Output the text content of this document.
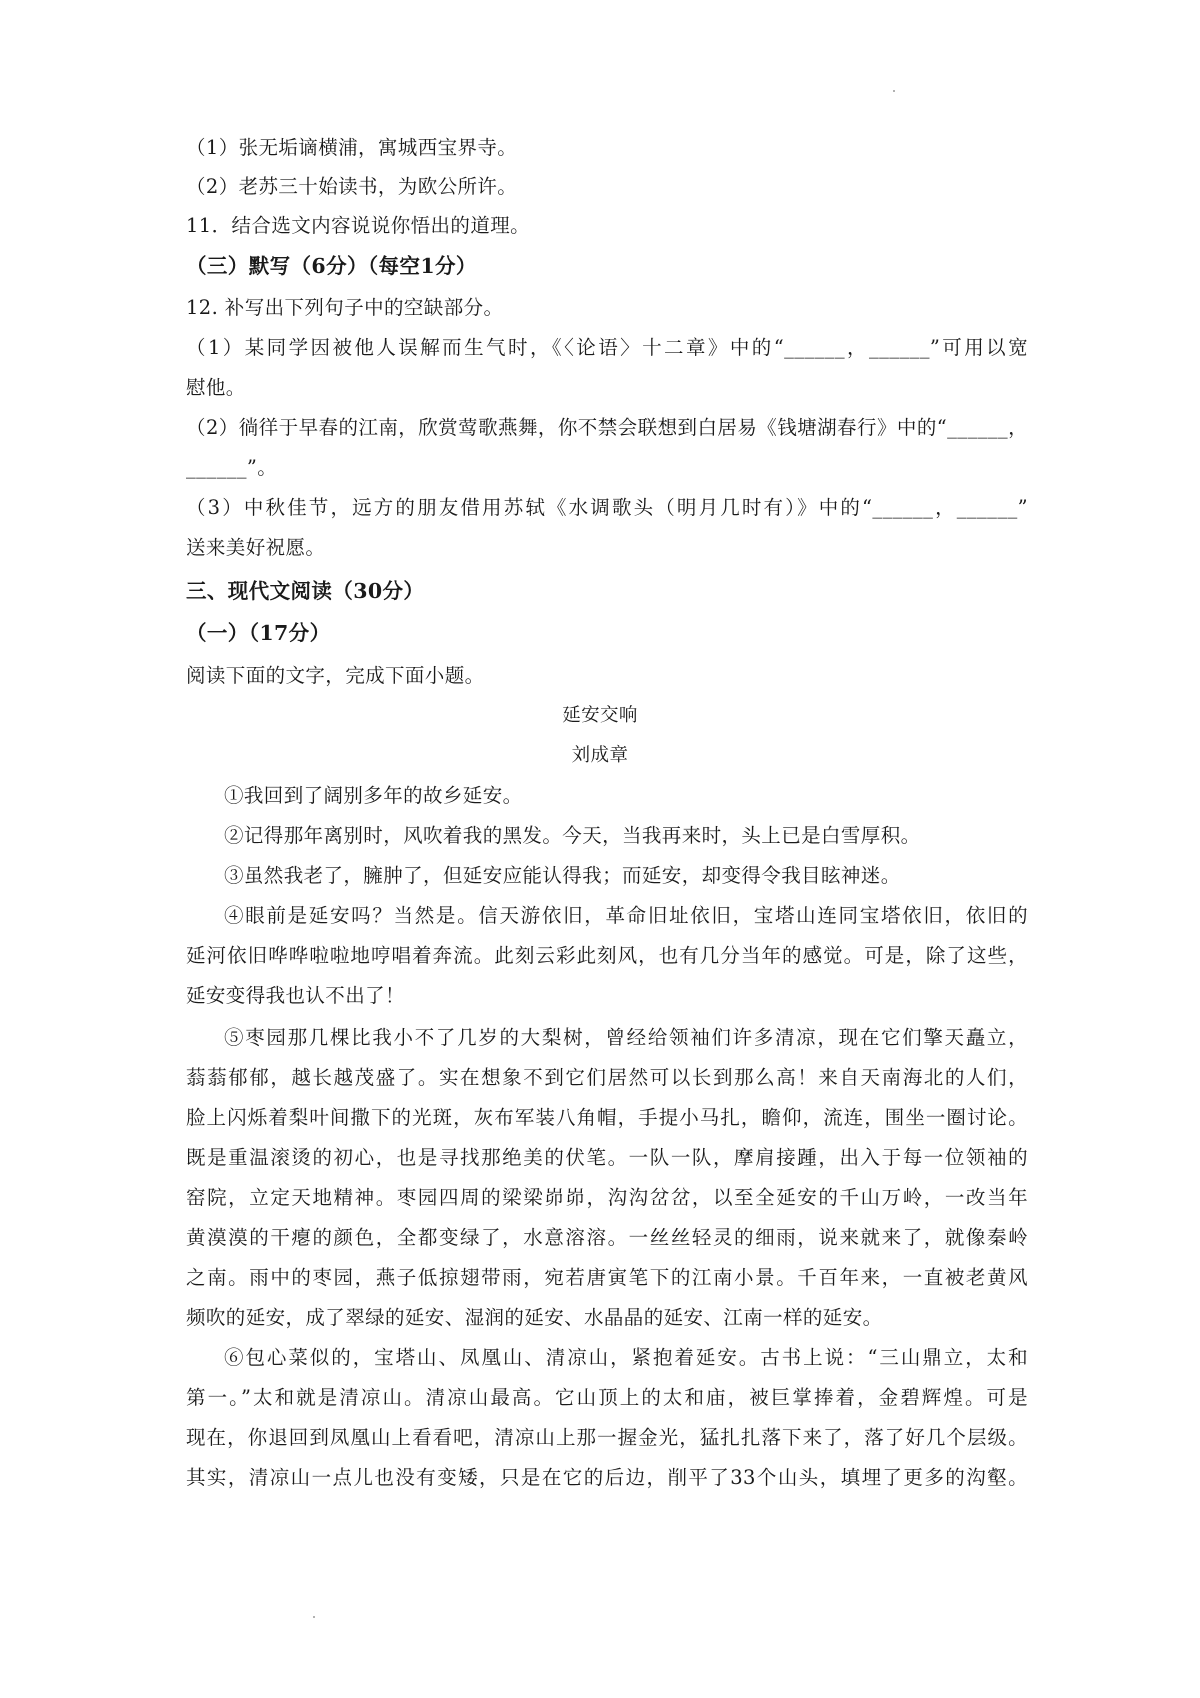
（1）张无垢谪横浦，寓城西宝界寺。
（2）老苏三十始读书，为欧公所许。
11．结合选文内容说说你悟出的道理。
（三）默写（6分）（每空1分）
12. 补写出下列句子中的空缺部分。
（1）某同学因被他人误解而生气时，《〈论语〉十二章》中的“______，______”可用以宽
慰他。
（2）徜徉于早春的江南，欣赏莺歌燕舞，你不禁会联想到白居易《钱塘湖春行》中的“______，
______”。
（3）中秋佳节，远方的朋友借用苏轼《水调歌头（明月几时有）》中的“______，______”
送来美好祝愿。
三、现代文阅读（30分）
（一）（17分）
阅读下面的文字，完成下面小题。
延安交响
刘成章
①我回到了阔别多年的故乡延安。
②记得那年离别时，风吹着我的黑发。今天，当我再来时，头上已是白雪厚积。
③虽然我老了，臃肿了，但延安应能认得我；而延安，却变得令我目眩神迷。
④眼前是延安吗？当然是。信天游依旧，革命旧址依旧，宝塔山连同宝塔依旧，依旧的
延河依旧哗哗啦啦地哼唱着奔流。此刻云彩此刻风，也有几分当年的感觉。可是，除了这些，
延安变得我也认不出了！
⑤枣园那几棵比我小不了几岁的大梨树，曾经给领袖们许多清凉，现在它们擎天矗立，
蓊蓊郁郁，越长越茂盛了。实在想象不到它们居然可以长到那么高！来自天南海北的人们，
脸上闪烁着梨叶间撒下的光斑，灰布军装八角帽，手提小马扎，瞻仰，流连，围坐一圈讨论。
既是重温滚烫的初心，也是寻找那绝美的伏笔。一队一队，摩肩接踵，出入于每一位领袖的
窑院，立定天地精神。枣园四周的梁梁峁峁，沟沟岔岔，以至全延安的千山万岭，一改当年
黄漠漠的干瘪的颜色，全都变绿了，水意溶溶。一丝丝轻灵的细雨，说来就来了，就像秦岭
之南。雨中的枣园，燕子低掠翅带雨，宛若唐寅笔下的江南小景。千百年来，一直被老黄风
频吹的延安，成了翠绿的延安、湿润的延安、水晶晶的延安、江南一样的延安。
⑥包心菜似的，宝塔山、凤凰山、清凉山，紧抱着延安。古书上说：“三山鼎立，太和
第一。”太和就是清凉山。清凉山最高。它山顶上的太和庙，被巨掌捧着，金碧辉煌。可是
现在，你退回到凤凰山上看看吧，清凉山上那一握金光，猛扎扎落下来了，落了好几个层级。
其实，清凉山一点儿也没有变矮，只是在它的后边，削平了33个山头，填埋了更多的沟壑。
